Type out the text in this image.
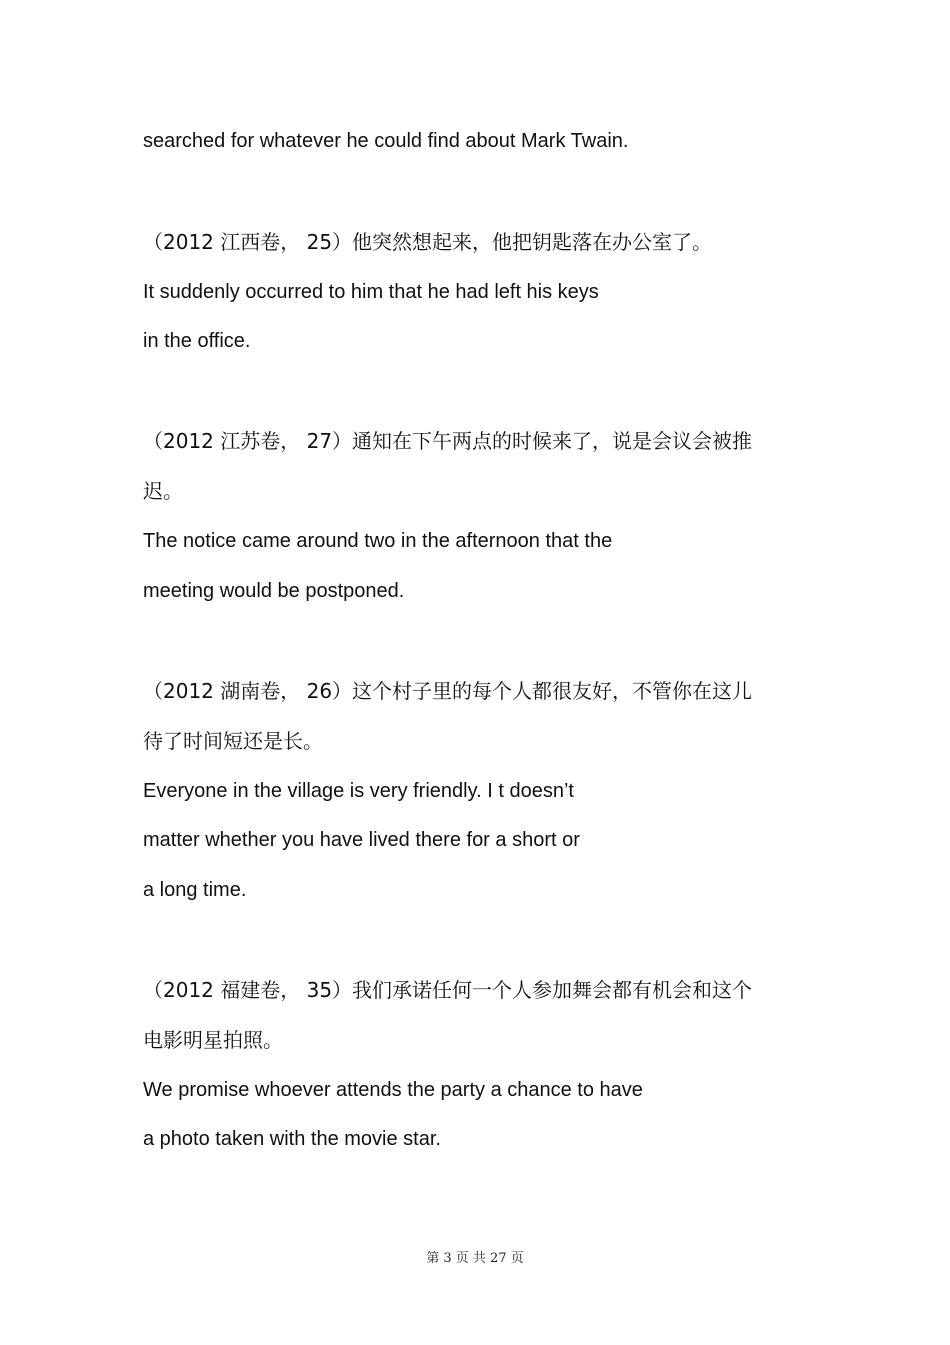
searched for whatever he could find about Mark Twain.
（2012 江西卷， 25）他突然想起来，他把钥匙落在办公室了。
It suddenly occurred to him that he had left his keys
in the office.
（2012 江苏卷， 27）通知在下午两点的时候来了，说是会议会被推
迟。
The notice came around two in the afternoon that the
meeting would be postponed.
（2012 湖南卷， 26）这个村子里的每个人都很友好，不管你在这儿
待了时间短还是长。
Everyone in the village is very friendly. I t doesn’t
matter whether you have lived there for a short or
a long time.
（2012 福建卷， 35）我们承诺任何一个人参加舞会都有机会和这个
电影明星拍照。
We promise whoever attends the party a chance to have
a photo taken with the movie star.
第 3 页 共 27 页
